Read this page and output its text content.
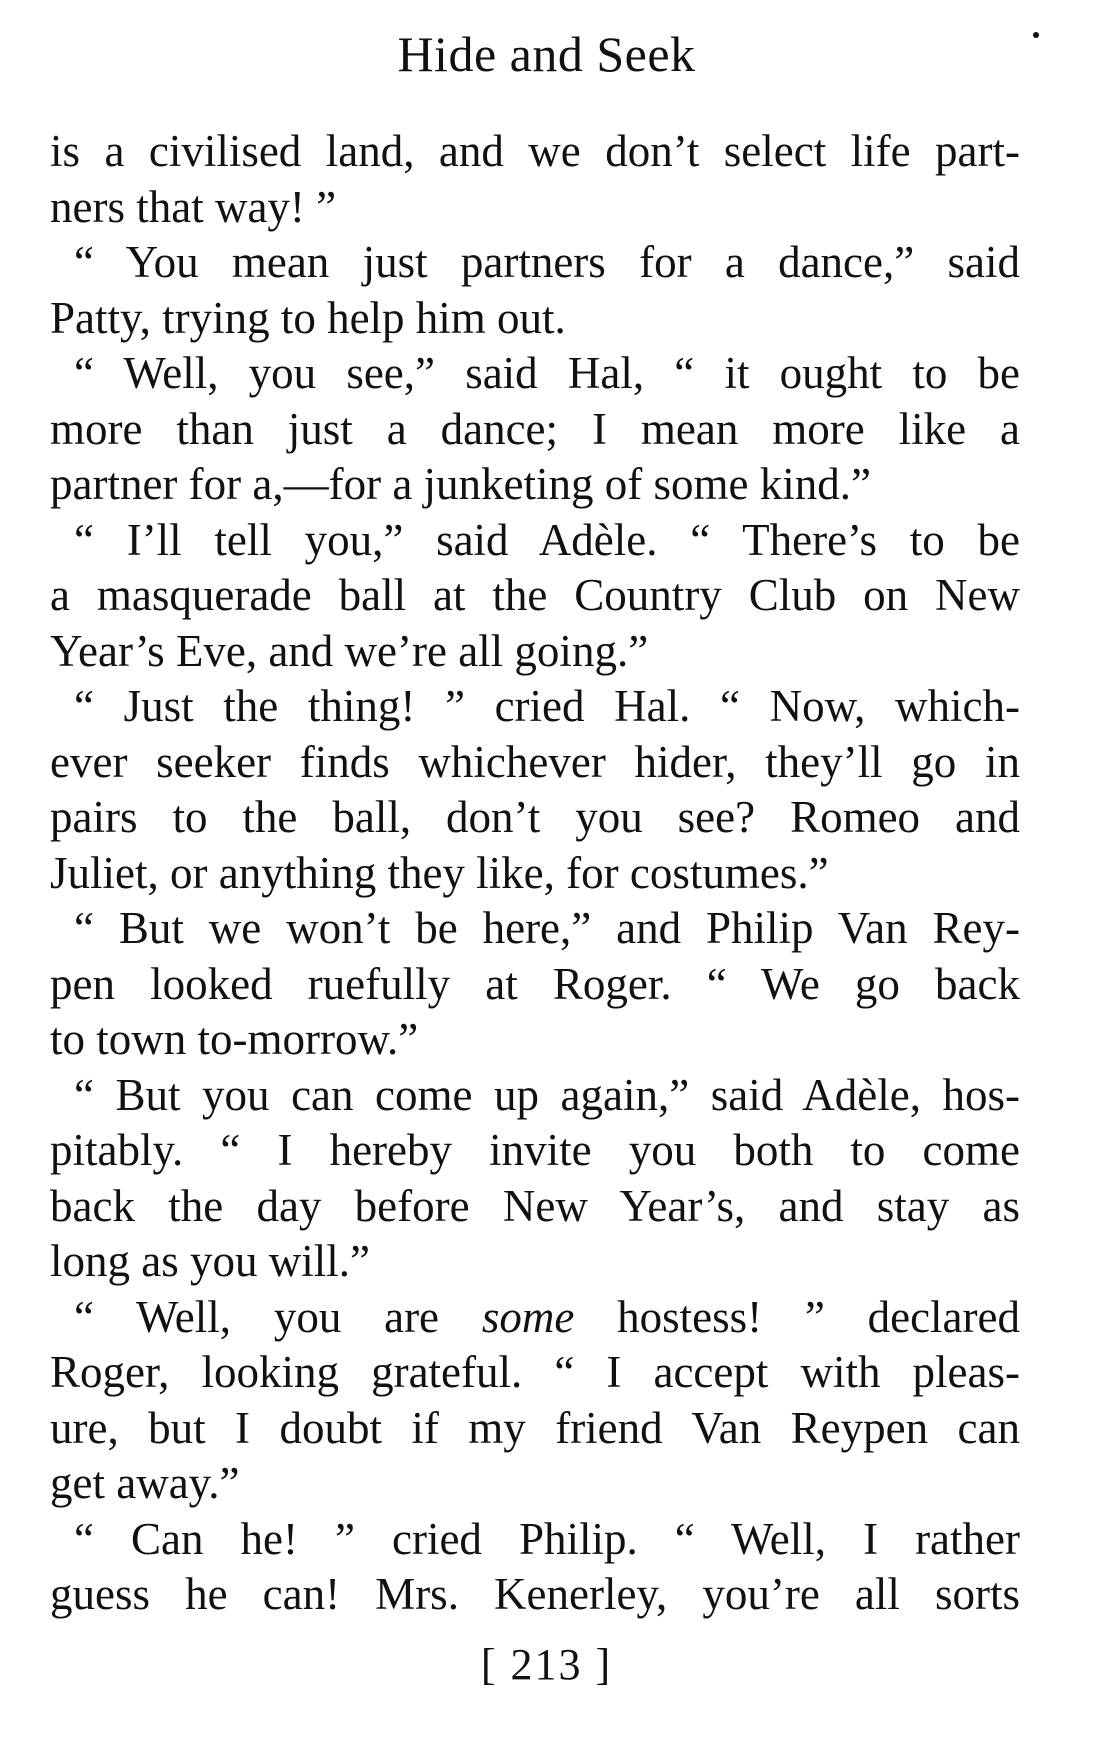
Hide and Seek
is a civilised land, and we don’t select life part-
ners that way! ”
“ You mean just partners for a dance,” said
Patty, trying to help him out.
“ Well, you see,” said Hal, “ it ought to be
more than just a dance; I mean more like a
partner for a,—for a junketing of some kind.”
“ I’ll tell you,” said Adèle. “ There’s to be
a masquerade ball at the Country Club on New
Year’s Eve, and we’re all going.”
“ Just the thing! ” cried Hal. “ Now, which-
ever seeker finds whichever hider, they’ll go in
pairs to the ball, don’t you see? Romeo and
Juliet, or anything they like, for costumes.”
“ But we won’t be here,” and Philip Van Rey-
pen looked ruefully at Roger. “ We go back
to town to-morrow.”
“ But you can come up again,” said Adèle, hos-
pitably. “ I hereby invite you both to come
back the day before New Year’s, and stay as
long as you will.”
“ Well, you are some hostess! ” declared
Roger, looking grateful. “ I accept with pleas-
ure, but I doubt if my friend Van Reypen can
get away.”
“ Can he! ” cried Philip. “ Well, I rather
guess he can! Mrs. Kenerley, you’re all sorts
[ 213 ]
